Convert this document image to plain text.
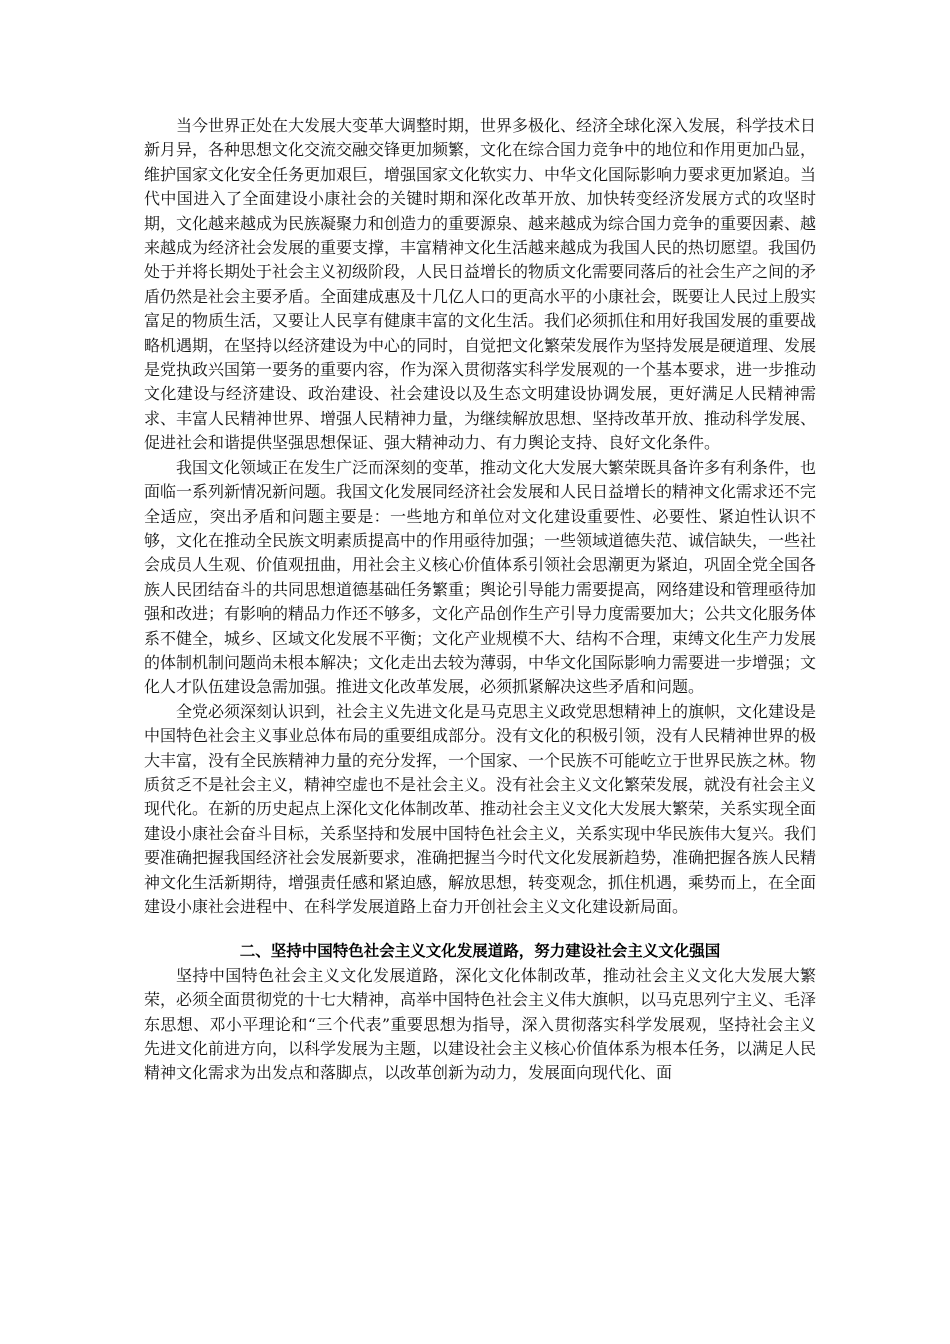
当今世界正处在大发展大变革大调整时期，世界多极化、经济全球化深入发展，科学技术日新月异，各种思想文化交流交融交锋更加频繁，文化在综合国力竞争中的地位和作用更加凸显，维护国家文化安全任务更加艰巨，增强国家文化软实力、中华文化国际影响力要求更加紧迫。当代中国进入了全面建设小康社会的关键时期和深化改革开放、加快转变经济发展方式的攻坚时期，文化越来越成为民族凝聚力和创造力的重要源泉、越来越成为综合国力竞争的重要因素、越来越成为经济社会发展的重要支撑，丰富精神文化生活越来越成为我国人民的热切愿望。我国仍处于并将长期处于社会主义初级阶段，人民日益增长的物质文化需要同落后的社会生产之间的矛盾仍然是社会主要矛盾。全面建成惠及十几亿人口的更高水平的小康社会，既要让人民过上殷实富足的物质生活，又要让人民享有健康丰富的文化生活。我们必须抓住和用好我国发展的重要战略机遇期，在坚持以经济建设为中心的同时，自觉把文化繁荣发展作为坚持发展是硬道理、发展是党执政兴国第一要务的重要内容，作为深入贯彻落实科学发展观的一个基本要求，进一步推动文化建设与经济建设、政治建设、社会建设以及生态文明建设协调发展，更好满足人民精神需求、丰富人民精神世界、增强人民精神力量，为继续解放思想、坚持改革开放、推动科学发展、促进社会和谐提供坚强思想保证、强大精神动力、有力舆论支持、良好文化条件。

我国文化领域正在发生广泛而深刻的变革，推动文化大发展大繁荣既具备许多有利条件，也面临一系列新情况新问题。我国文化发展同经济社会发展和人民日益增长的精神文化需求还不完全适应，突出矛盾和问题主要是：一些地方和单位对文化建设重要性、必要性、紧迫性认识不够，文化在推动全民族文明素质提高中的作用亟待加强；一些领域道德失范、诚信缺失，一些社会成员人生观、价值观扭曲，用社会主义核心价值体系引领社会思潮更为紧迫，巩固全党全国各族人民团结奋斗的共同思想道德基础任务繁重；舆论引导能力需要提高，网络建设和管理亟待加强和改进；有影响的精品力作还不够多，文化产品创作生产引导力度需要加大；公共文化服务体系不健全，城乡、区域文化发展不平衡；文化产业规模不大、结构不合理，束缚文化生产力发展的体制机制问题尚未根本解决；文化走出去较为薄弱，中华文化国际影响力需要进一步增强；文化人才队伍建设急需加强。推进文化改革发展，必须抓紧解决这些矛盾和问题。

全党必须深刻认识到，社会主义先进文化是马克思主义政党思想精神上的旗帜，文化建设是中国特色社会主义事业总体布局的重要组成部分。没有文化的积极引领，没有人民精神世界的极大丰富，没有全民族精神力量的充分发挥，一个国家、一个民族不可能屹立于世界民族之林。物质贫乏不是社会主义，精神空虚也不是社会主义。没有社会主义文化繁荣发展，就没有社会主义现代化。在新的历史起点上深化文化体制改革、推动社会主义文化大发展大繁荣，关系实现全面建设小康社会奋斗目标，关系坚持和发展中国特色社会主义，关系实现中华民族伟大复兴。我们要准确把握我国经济社会发展新要求，准确把握当今时代文化发展新趋势，准确把握各族人民精神文化生活新期待，增强责任感和紧迫感，解放思想，转变观念，抓住机遇，乘势而上，在全面建设小康社会进程中、在科学发展道路上奋力开创社会主义文化建设新局面。

二、坚持中国特色社会主义文化发展道路，努力建设社会主义文化强国

坚持中国特色社会主义文化发展道路，深化文化体制改革，推动社会主义文化大发展大繁荣，必须全面贯彻党的十七大精神，高举中国特色社会主义伟大旗帜，以马克思列宁主义、毛泽东思想、邓小平理论和“三个代表”重要思想为指导，深入贯彻落实科学发展观，坚持社会主义先进文化前进方向，以科学发展为主题，以建设社会主义核心价值体系为根本任务，以满足人民精神文化需求为出发点和落脚点，以改革创新为动力，发展面向现代化、面
